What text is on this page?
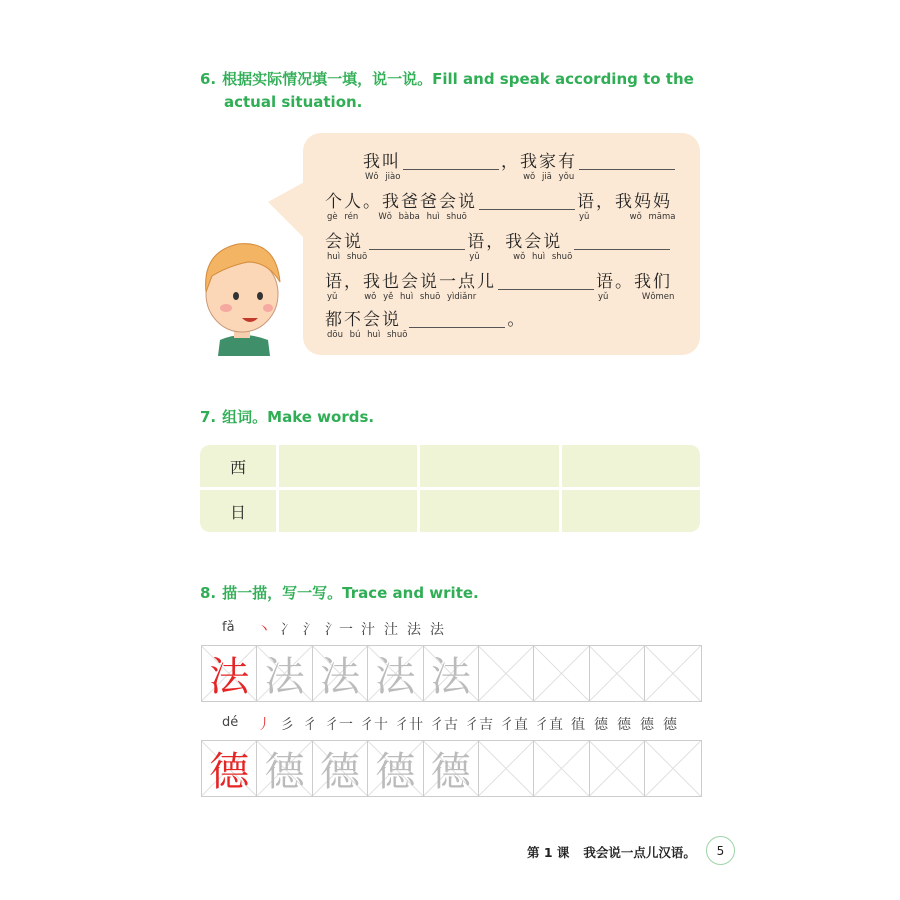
6. 根据实际情况填一填，说一说。Fill and speak according to the
actual situation.
我叫
Wǒ jiào
，我家有
wǒ jiā yǒu
个人。我爸爸会说
gè rén   Wǒ bàba huì shuō
语，我妈妈
yǔ      wǒ māma
会说
huì shuō
语，我会说
yǔ     wǒ huì shuō
语，我也会说一点儿
yǔ    wǒ yě huì shuō yìdiǎnr
语。我们
yǔ     Wǒmen
都不会说
dōu bú huì shuō
。
7. 组词。Make words.
西
日
8. 描一描，写一写。Trace and write.
fǎ 丶 冫 氵 氵一 汁 汢 法 法
法 法 法 法 法
dé 丿 彡 彳 彳一 彳十 彳卄 彳古 彳吉 彳直 彳直 徝 德 德 德 德
德 德 德 德 德
第 1 课 我会说一点儿汉语。	5
